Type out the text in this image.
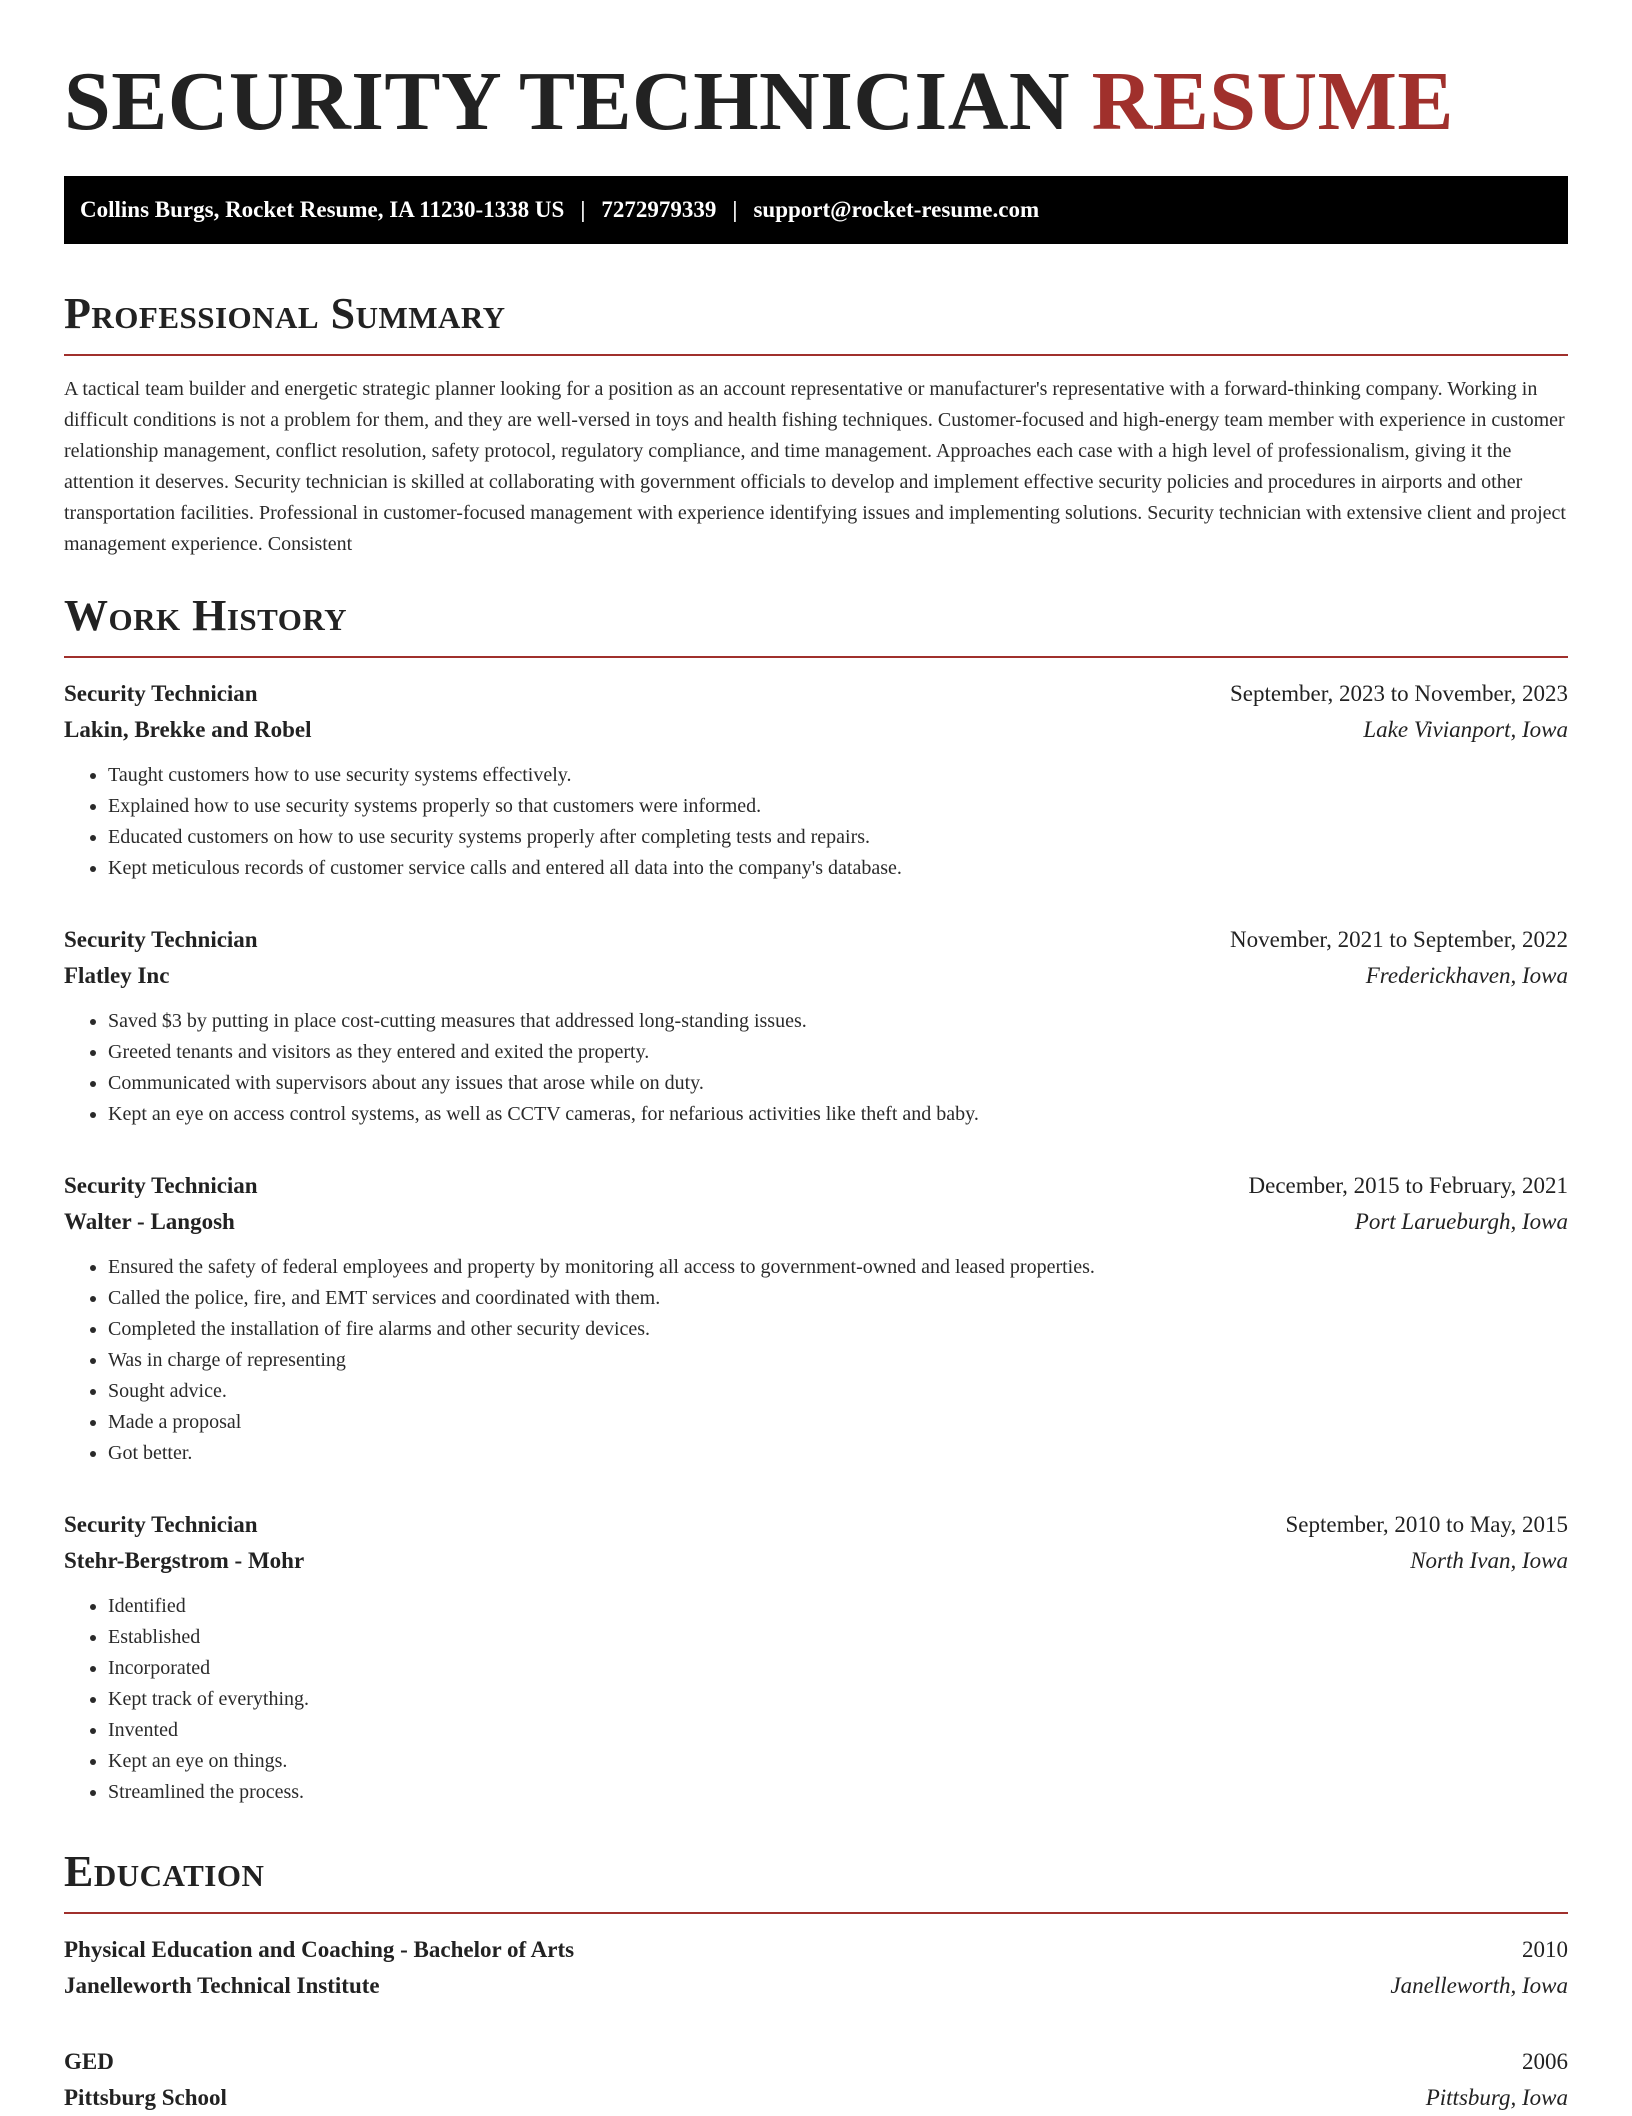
SECURITY TECHNICIAN RESUME
Collins Burgs, Rocket Resume, IA 11230-1338 US | 7272979339 | support@rocket-resume.com
Professional Summary

A tactical team builder and energetic strategic planner looking for a position as an account representative or manufacturer's representative with a forward-thinking company. Working in difficult conditions is not a problem for them, and they are well-versed in toys and health fishing techniques. Customer-focused and high-energy team member with experience in customer relationship management, conflict resolution, safety protocol, regulatory compliance, and time management. Approaches each case with a high level of professionalism, giving it the attention it deserves. Security technician is skilled at collaborating with government officials to develop and implement effective security policies and procedures in airports and other transportation facilities. Professional in customer-focused management with experience identifying issues and implementing solutions. Security technician with extensive client and project management experience. Consistent

Work History
Security Technician	September, 2023 to November, 2023
Lakin, Brekke and Robel	Lake Vivianport, Iowa
• Taught customers how to use security systems effectively.
• Explained how to use security systems properly so that customers were informed.
• Educated customers on how to use security systems properly after completing tests and repairs.
• Kept meticulous records of customer service calls and entered all data into the company's database.
Security Technician	November, 2021 to September, 2022
Flatley Inc	Frederickhaven, Iowa
• Saved $3 by putting in place cost-cutting measures that addressed long-standing issues.
• Greeted tenants and visitors as they entered and exited the property.
• Communicated with supervisors about any issues that arose while on duty.
• Kept an eye on access control systems, as well as CCTV cameras, for nefarious activities like theft and baby.
Security Technician	December, 2015 to February, 2021
Walter - Langosh	Port Larueburgh, Iowa
• Ensured the safety of federal employees and property by monitoring all access to government-owned and leased properties.
• Called the police, fire, and EMT services and coordinated with them.
• Completed the installation of fire alarms and other security devices.
• Was in charge of representing
• Sought advice.
• Made a proposal
• Got better.
Security Technician	September, 2010 to May, 2015
Stehr-Bergstrom - Mohr	North Ivan, Iowa
• Identified
• Established
• Incorporated
• Kept track of everything.
• Invented
• Kept an eye on things.
• Streamlined the process.
Education
Physical Education and Coaching - Bachelor of Arts	2010
Janelleworth Technical Institute	Janelleworth, Iowa
GED	2006
Pittsburg School	Pittsburg, Iowa
